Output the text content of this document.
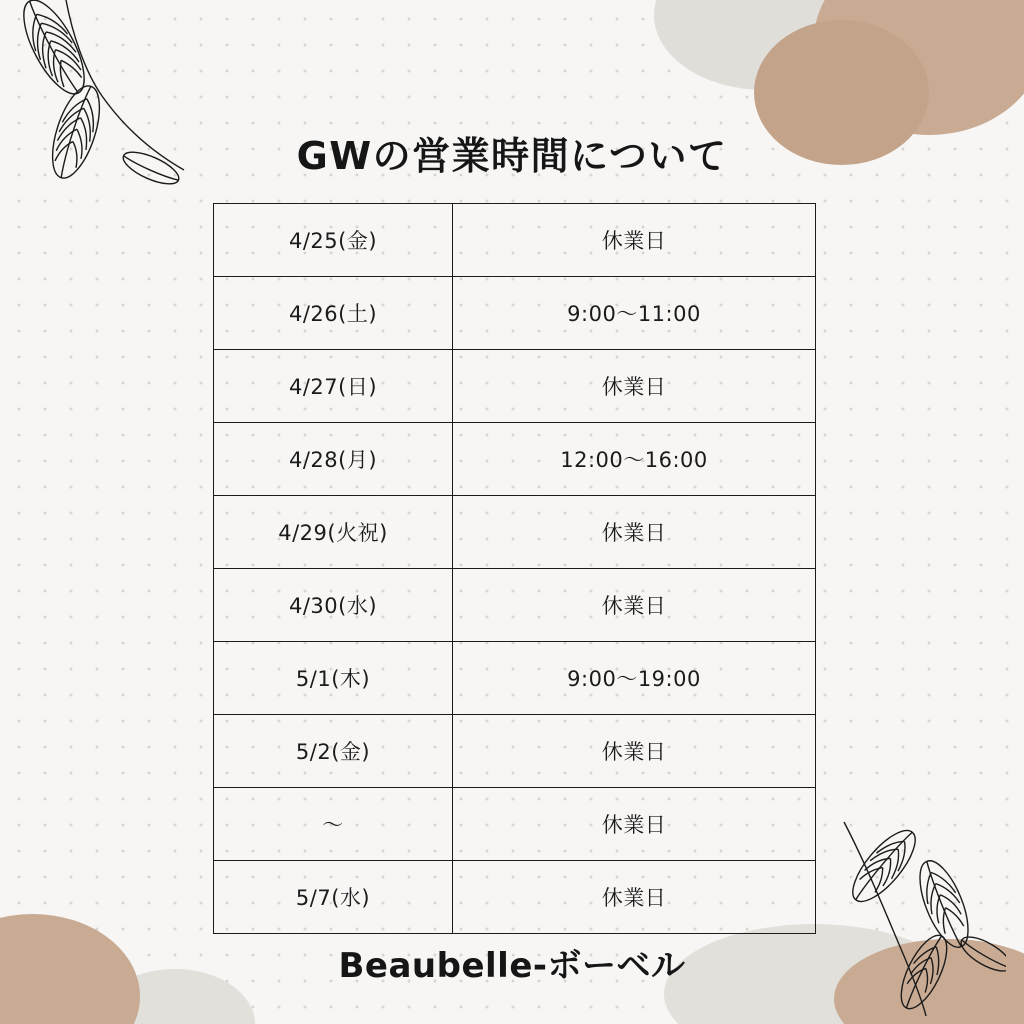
GWの営業時間について
4/25(金)	休業日
4/26(土)	9:00〜11:00
4/27(日)	休業日
4/28(月)	12:00〜16:00
4/29(火祝)	休業日
4/30(水)	休業日
5/1(木)	9:00〜19:00
5/2(金)	休業日
〜	休業日
5/7(水)	休業日
Beaubelle-ボーベル
